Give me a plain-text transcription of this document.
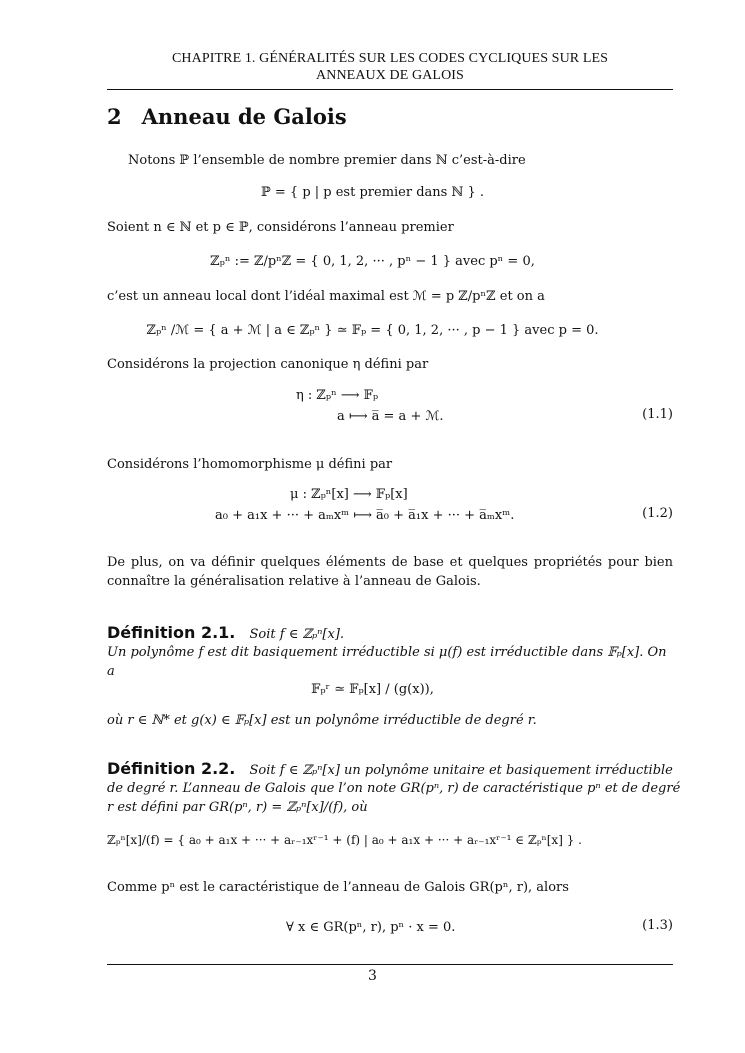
CHAPITRE 1. GÉNÉRALITÉS SUR LES CODES CYCLIQUES SUR LES
ANNEAUX DE GALOIS
2 Anneau de Galois
Notons ℙ l’ensemble de nombre premier dans ℕ c’est-à-dire
ℙ = { p | p est premier dans ℕ } .
Soient n ∈ ℕ et p ∈ ℙ, considérons l’anneau premier
ℤₚⁿ := ℤ/pⁿℤ = { 0, 1, 2, ··· , pⁿ − 1 } avec pⁿ = 0,
c’est un anneau local dont l’idéal maximal est ℳ = p ℤ/pⁿℤ et on a
ℤₚⁿ /ℳ = { a + ℳ | a ∈ ℤₚⁿ } ≃ 𝔽ₚ = { 0, 1, 2, ··· , p − 1 } avec p = 0.
Considérons la projection canonique η défini par
η : ℤₚⁿ ⟶ 𝔽ₚ
a ⟼ a̅ = a + ℳ.	(1.1)
Considérons l’homomorphisme μ défini par
μ : ℤₚⁿ[x] ⟶ 𝔽ₚ[x]
a₀ + a₁x + ··· + aₘxᵐ ⟼ a̅₀ + a̅₁x + ··· + a̅ₘxᵐ.	(1.2)
De plus, on va définir quelques éléments de base et quelques propriétés pour bien connaître la généralisation relative à l’anneau de Galois.
Définition 2.1. Soit f ∈ ℤₚⁿ[x].
Un polynôme f est dit basiquement irréductible si μ(f) est irréductible dans 𝔽ₚ[x]. On
a
𝔽ₚʳ ≃ 𝔽ₚ[x] / (g(x)),
où r ∈ ℕ* et g(x) ∈ 𝔽ₚ[x] est un polynôme irréductible de degré r.
Définition 2.2. Soit f ∈ ℤₚⁿ[x] un polynôme unitaire et basiquement irréductible
de degré r. L’anneau de Galois que l’on note GR(pⁿ, r) de caractéristique pⁿ et de degré
r est défini par GR(pⁿ, r) = ℤₚⁿ[x]/(f), où
ℤₚⁿ[x]/(f) = { a₀ + a₁x + ··· + aᵣ₋₁xʳ⁻¹ + (f) | a₀ + a₁x + ··· + aᵣ₋₁xʳ⁻¹ ∈ ℤₚⁿ[x] } .
Comme pⁿ est le caractéristique de l’anneau de Galois GR(pⁿ, r), alors
∀ x ∈ GR(pⁿ, r), pⁿ · x = 0.	(1.3)
3
